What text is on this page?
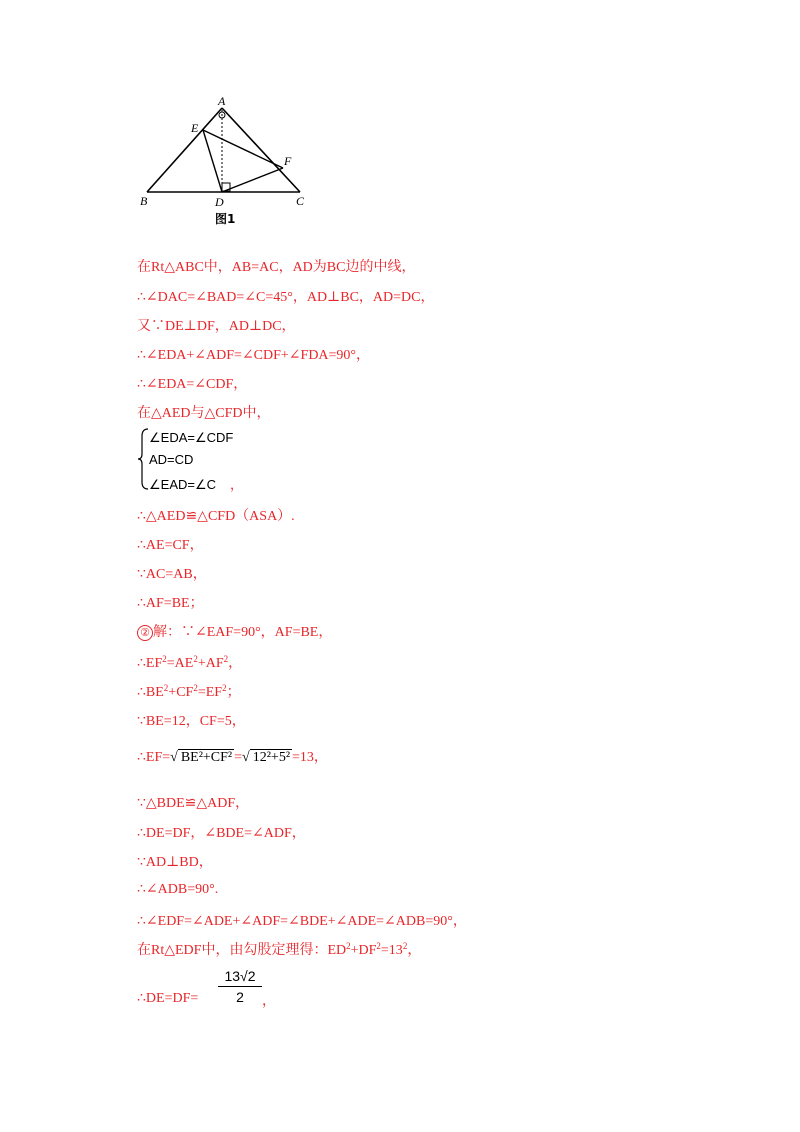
A
E
F
B	D	C
图1
在Rt△ABC中，AB=AC，AD为BC边的中线，
∴∠DAC=∠BAD=∠C=45°，AD⊥BC，AD=DC，
又∵DE⊥DF，AD⊥DC，
∴∠EDA+∠ADF=∠CDF+∠FDA=90°，
∴∠EDA=∠CDF，
在△AED与△CFD中，
∠EDA=∠CDF
AD=CD
∠EAD=∠C ，
∴△AED≌△CFD（ASA）.
∴AE=CF，
∵AC=AB，
∴AF=BE；
② 解：∵∠EAF=90°，AF=BE，
$\therefore EF^2=AE^2+AF^2$，
$\therefore BE^2+CF^2=EF^2$；
∵BE=12，CF=5，
∴EF=√ BE²+CF² =√ 12²+5² =13，
∵△BDE≌△ADF，
∴DE=DF，∠BDE=∠ADF，
∵AD⊥BD，
∴∠ADB=90°.
∴∠EDF=∠ADE+∠ADF=∠BDE+∠ADE=∠ADB=90°，
在Rt△EDF中，由勾股定理得：$ED^2+DF^2=13^2$，
∴DE=DF= $\frac{13√2}{2}$ ，
